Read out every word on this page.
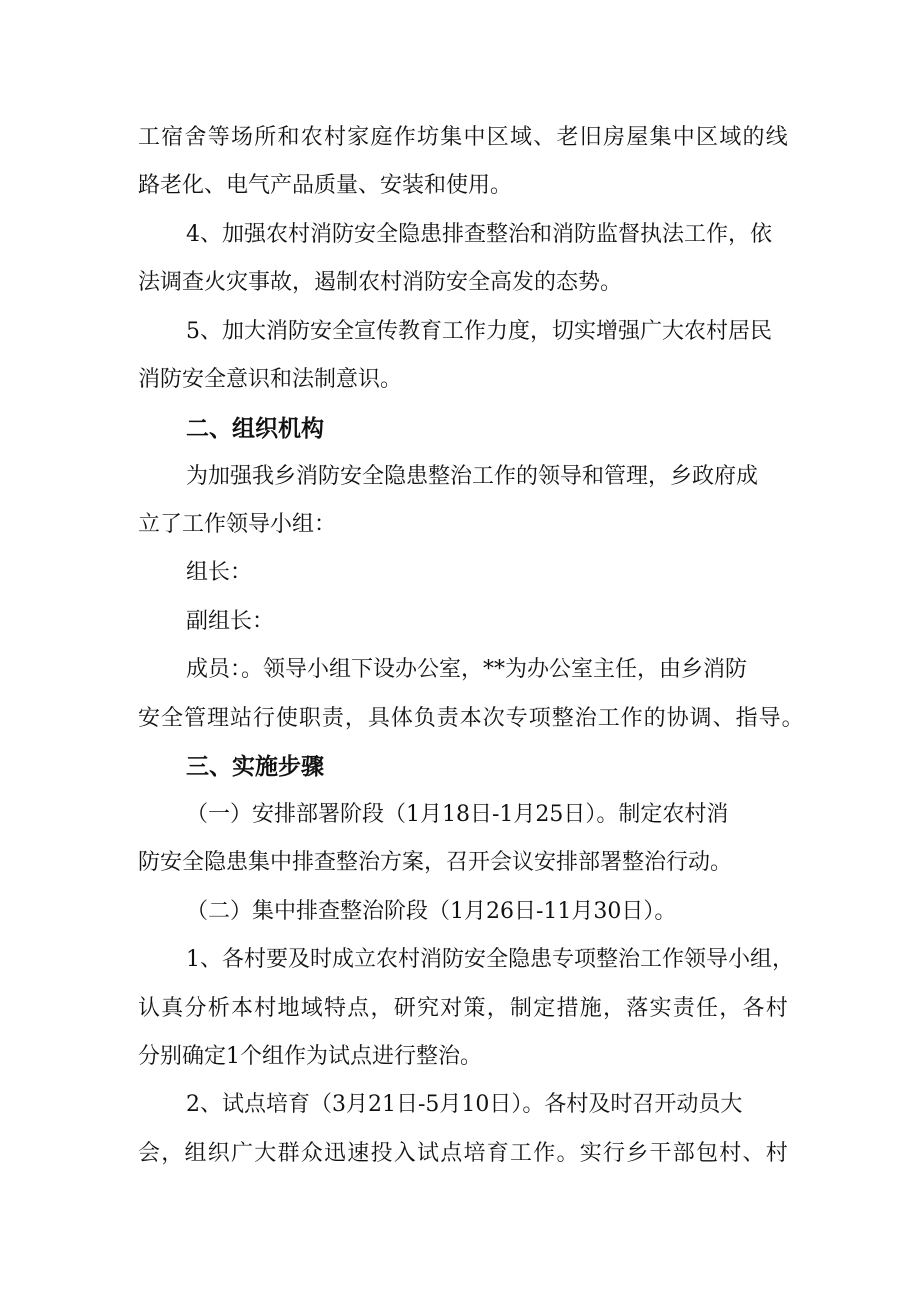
工 宿 舍 等 场 所 和 农 村 家 庭 作 坊 集 中 区 域 、 老 旧 房 屋 集 中 区 域 的 线
路老化、电气产品质量、安装和使用。
4、加强农村消防安全隐患排查整治和消防监督执法工作，依
法调查火灾事故，遏制农村消防安全高发的态势。
5、加大消防安全宣传教育工作力度，切实增强广大农村居民
消防安全意识和法制意识。
二、组织机构
为加强我乡消防安全隐患整治工作的领导和管理，乡政府成
立了工作领导小组：
组长：
副组长：
成员：。领导小组下设办公室，**为办公室主任，由乡消防
安 全 管 理 站 行 使 职 责 ， 具 体 负 责 本 次 专 项 整 治 工 作 的 协 调 、 指 导 。
三、实施步骤
（一）安排部署阶段（1月18日-1月25日）。制定农村消
防安全隐患集中排查整治方案，召开会议安排部署整治行动。
（二）集中排查整治阶段（1月26日-11月30日）。
1、各村要及时成立农村消防安全隐患专项整治工作领导小组，
认 真 分 析 本 村 地 域 特 点 ， 研 究 对 策 ， 制 定 措 施 ， 落 实 责 任 ， 各 村
分别确定1个组作为试点进行整治。
2、试点培育（3月21日-5月10日）。各村及时召开动员大
会 ， 组 织 广 大 群 众 迅 速 投 入 试 点 培 育 工 作 。 实 行 乡 干 部 包 村 、 村
